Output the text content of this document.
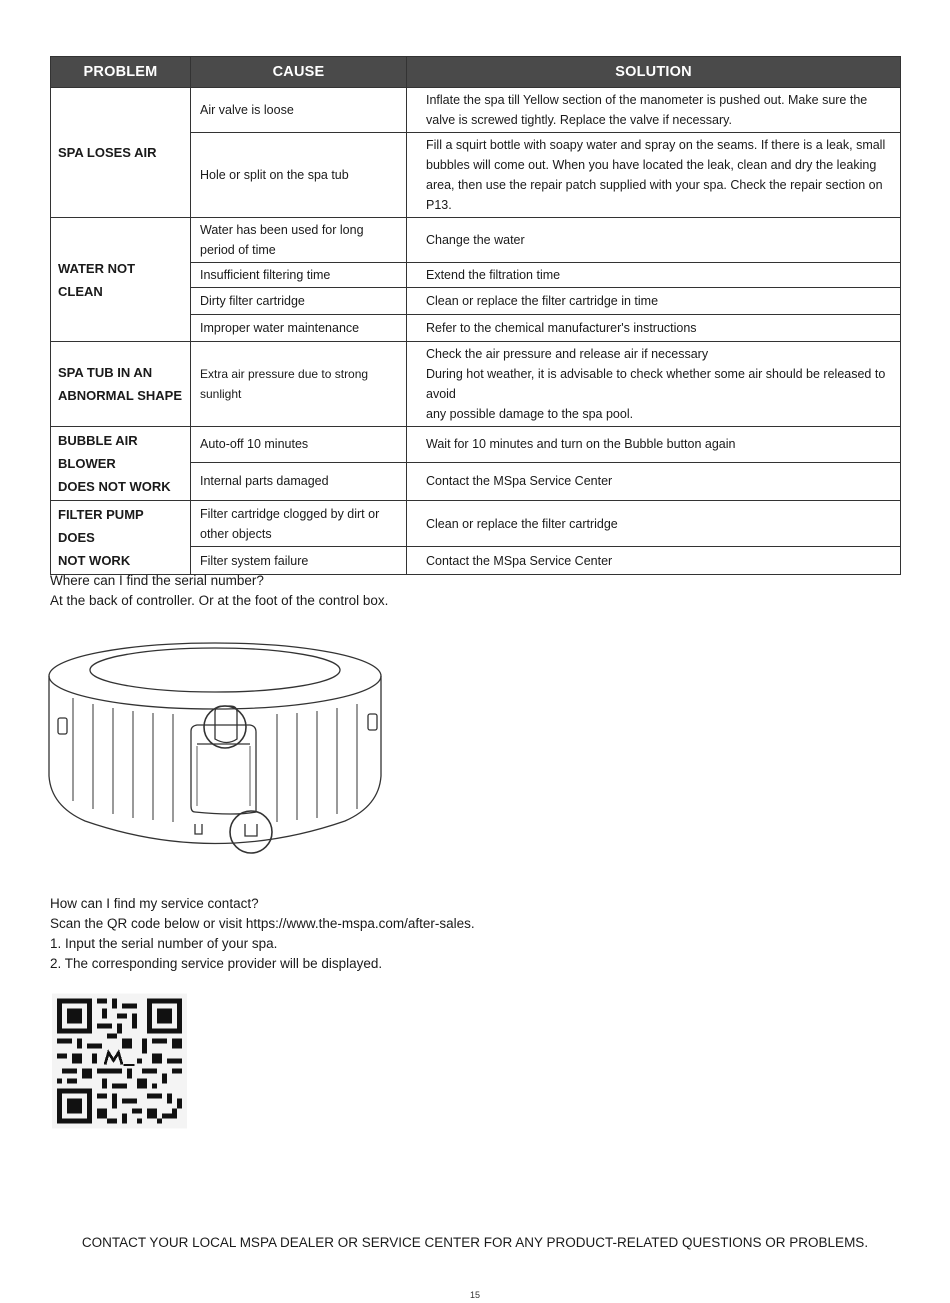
PROBLEM	CAUSE	SOLUTION

SPA LOSES AIR	Air valve is loose	Inflate the spa till Yellow section of the manometer is pushed out. Make sure the
valve is screwed tightly. Replace the valve if necessary.

	Hole or split on the spa tub	Fill a squirt bottle with soapy water and spray on the seams. If there is a leak, small
bubbles will come out. When you have located the leak, clean and dry the leaking
area, then use the repair patch supplied with your spa. Check the repair section on P13.

WATER NOT CLEAN	Water has been used for long
period of time	Change the water

	Insufficient filtering time	Extend the filtration time

	Dirty filter cartridge	Clean or replace the filter cartridge in time

	Improper water maintenance	Refer to the chemical manufacturer's instructions

SPA TUB IN AN
ABNORMAL SHAPE	Extra air pressure due to strong sunlight	Check the air pressure and release air if necessary
During hot weather, it is advisable to check whether some air should be released to avoid
any possible damage to the spa pool.

BUBBLE AIR BLOWER
DOES NOT WORK	Auto-off 10 minutes	Wait for 10 minutes and turn on the Bubble button again

	Internal parts damaged	Contact the MSpa Service Center

FILTER PUMP DOES
NOT WORK	Filter cartridge clogged by dirt or
other objects	Clean or replace the filter cartridge

	Filter system failure	Contact the MSpa Service Center
Where can I find the serial number?
At the back of controller. Or at the foot of the control box.
How can I find my service contact?
Scan the QR code below or visit https://www.the-mspa.com/after-sales.
1. Input the serial number of your spa.
2. The corresponding service provider will be displayed.
CONTACT YOUR LOCAL MSPA DEALER OR SERVICE CENTER FOR ANY PRODUCT-RELATED QUESTIONS OR PROBLEMS.
15
